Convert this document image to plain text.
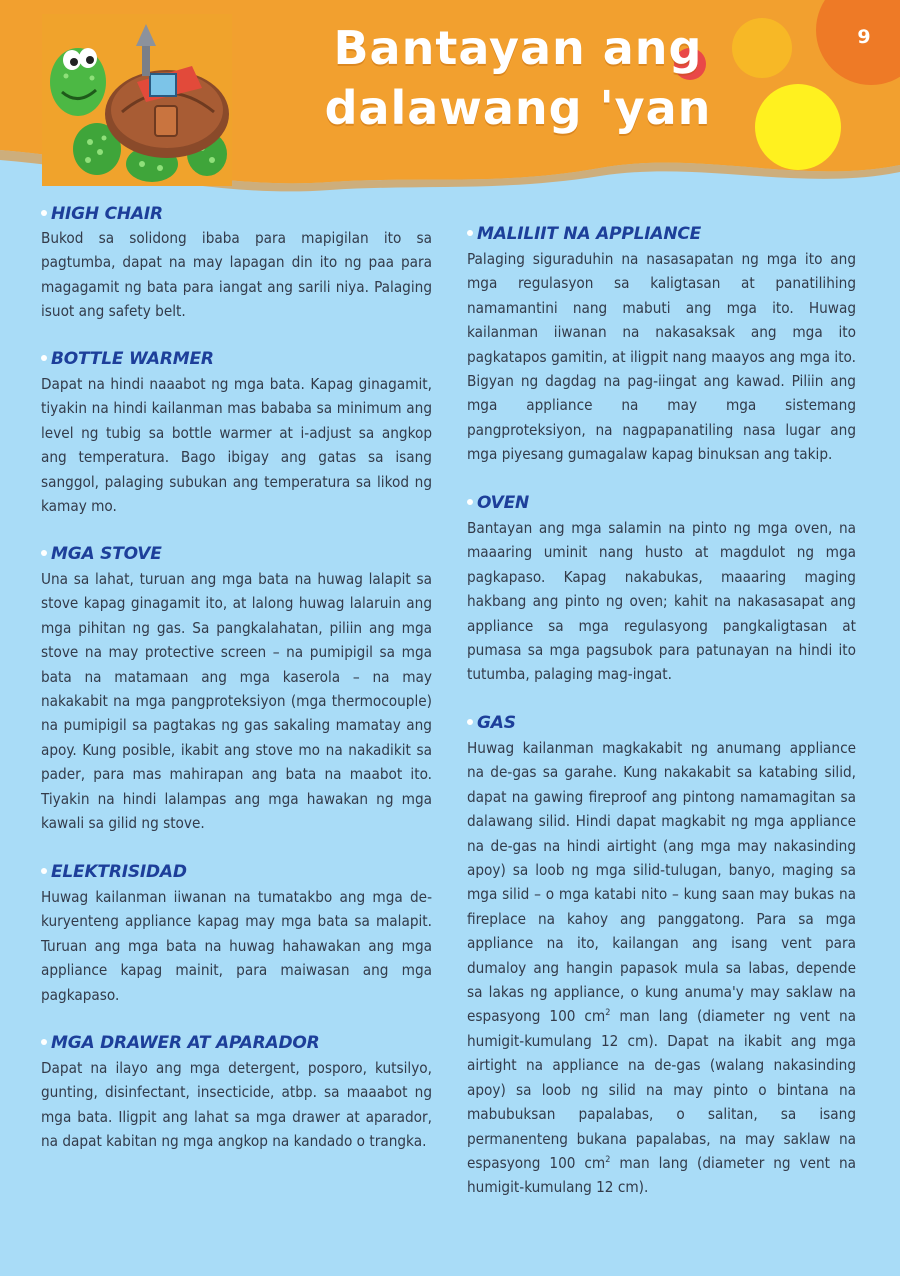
Bantayan ang
dalawang 'yan
9
HIGH CHAIR

Bukod sa solidong ibaba para mapigilan ito sa pagtumba, dapat na may lapagan din ito ng paa para magagamit ng bata para iangat ang sarili niya. Palaging isuot ang safety belt.

BOTTLE WARMER

Dapat na hindi naaabot ng mga bata. Kapag ginagamit, tiyakin na hindi kailanman mas bababa sa minimum ang level ng tubig sa bottle warmer at i-adjust sa angkop ang temperatura. Bago ibigay ang gatas sa isang sanggol, palaging subukan ang temperatura sa likod ng kamay mo.

MGA STOVE

Una sa lahat, turuan ang mga bata na huwag lalapit sa stove kapag ginagamit ito, at lalong huwag lalaruin ang mga pihitan ng gas. Sa pangkalahatan, piliin ang mga stove na may protective screen – na pumipigil sa mga bata na matamaan ang mga kaserola – na may nakakabit na mga pangproteksiyon (mga thermocouple) na pumipigil sa pagtakas ng gas sakaling mamatay ang apoy. Kung posible, ikabit ang stove mo na nakadikit sa pader, para mas mahirapan ang bata na maabot ito. Tiyakin na hindi lalampas ang mga hawakan ng mga kawali sa gilid ng stove.

ELEKTRISIDAD

Huwag kailanman iiwanan na tumatakbo ang mga de-kuryenteng appliance kapag may mga bata sa malapit. Turuan ang mga bata na huwag hahawakan ang mga appliance kapag mainit, para maiwasan ang mga pagkapaso.

MGA DRAWER AT APARADOR

Dapat na ilayo ang mga detergent, posporo, kutsilyo, gunting, disinfectant, insecticide, atbp. sa maaabot ng mga bata. Iligpit ang lahat sa mga drawer at aparador, na dapat kabitan ng mga angkop na kandado o trangka.

MALILIIT NA APPLIANCE

Palaging siguraduhin na nasasapatan ng mga ito ang mga regulasyon sa kaligtasan at panatilihing namamantini nang mabuti ang mga ito. Huwag kailanman iiwanan na nakasaksak ang mga ito pagkatapos gamitin, at iligpit nang maayos ang mga ito. Bigyan ng dagdag na pag-iingat ang kawad. Piliin ang mga appliance na may mga sistemang pangproteksiyon, na nagpapanatiling nasa lugar ang mga piyesang gumagalaw kapag binuksan ang takip.

OVEN

Bantayan ang mga salamin na pinto ng mga oven, na maaaring uminit nang husto at magdulot ng mga pagkapaso. Kapag nakabukas, maaaring maging hakbang ang pinto ng oven; kahit na nakasasapat ang appliance sa mga regulasyong pangkaligtasan at pumasa sa mga pagsubok para patunayan na hindi ito tutumba, palaging mag-ingat.

GAS

Huwag kailanman magkakabit ng anumang appliance na de-gas sa garahe. Kung nakakabit sa katabing silid, dapat na gawing fireproof ang pintong namamagitan sa dalawang silid. Hindi dapat magkabit ng mga appliance na de-gas na hindi airtight (ang mga may nakasinding apoy) sa loob ng mga silid-tulugan, banyo, maging sa mga silid – o mga katabi nito – kung saan may bukas na fireplace na kahoy ang panggatong. Para sa mga appliance na ito, kailangan ang isang vent para dumaloy ang hangin papasok mula sa labas, depende sa lakas ng appliance, o kung anuma'y may saklaw na espasyong 100 $cm^2$ man lang (diameter ng vent na humigit-kumulang 12 cm). Dapat na ikabit ang mga airtight na appliance na de-gas (walang nakasinding apoy) sa loob ng silid na may pinto o bintana na mabubuksan papalabas, o salitan, sa isang permanenteng bukana papalabas, na may saklaw na espasyong 100 $cm^2$ man lang (diameter ng vent na humigit-kumulang 12 cm).
